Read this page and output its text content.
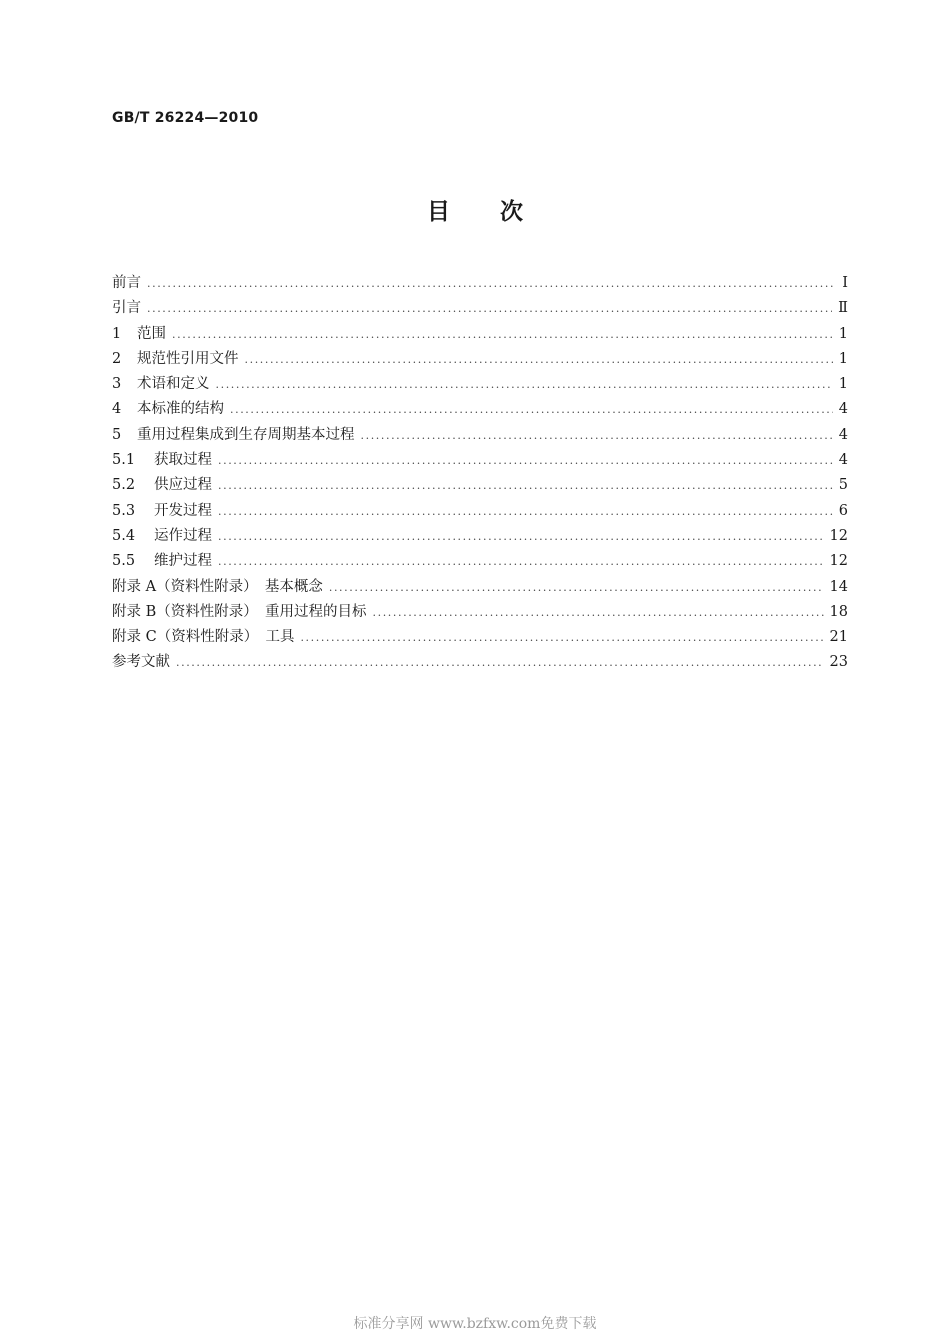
GB/T 26224—2010
目次
前言 .....	Ⅰ
引言 .....	Ⅱ
1 范围 .....	1
2 规范性引用文件 .....	1
3 术语和定义 .....	1
4 本标准的结构 .....	4
5 重用过程集成到生存周期基本过程 .....	4
5.1 获取过程 .....	4
5.2 供应过程 .....	5
5.3 开发过程 .....	6
5.4 运作过程 .....	12
5.5 维护过程 .....	12
附录 A（资料性附录）　基本概念 .....	14
附录 B（资料性附录）　重用过程的目标 .....	18
附录 C（资料性附录）　工具 .....	21
参考文献 .....	23
标准分享网 www.bzfxw.com免费下载
